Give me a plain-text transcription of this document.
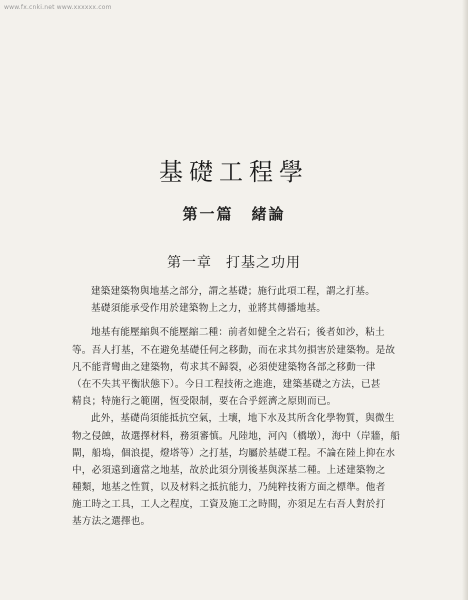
www.fx.cnki.net www.xxxxxx.com
基礎工程學
第一篇 緒論
第一章 打基之功用
建築建築物與地基之部分，謂之基礎；施行此項工程，謂之打基。
基礎須能承受作用於建築物上之力，並將其傳播地基。
地基有能壓縮與不能壓縮二種：前者如健全之岩石；後者如沙，粘土
等。吾人打基，不在避免基礎任何之移動，而在求其勿損害於建築物。是故
凡不能背彎曲之建築物，苟求其不歸裂，必須使建築物各部之移動一律
（在不失其平衡狀態下）。今日工程技術之進進，建築基礎之方法，已甚
精良；特施行之範圍，恆受限制，要在合乎經濟之原則而已。
此外，基礎尚須能抵抗空氣，土壤，地下水及其所含化學物質，與微生
物之侵蝕，故選擇材料，務須審慎。凡陸地，河內（橋墩），海中（岸牆，船
閘，船塢，個浪提，燈塔等）之打基，均屬於基礎工程。不論在陸上抑在水
中，必須遠到適當之地基，故於此須分別後基與深基二種。上述建築物之
種類，地基之性質，以及材料之抵抗能力，乃純粹技術方面之標準。他者
施工時之工具，工人之程度，工資及施工之時間，亦須足左右吾人對於打
基方法之選擇也。
